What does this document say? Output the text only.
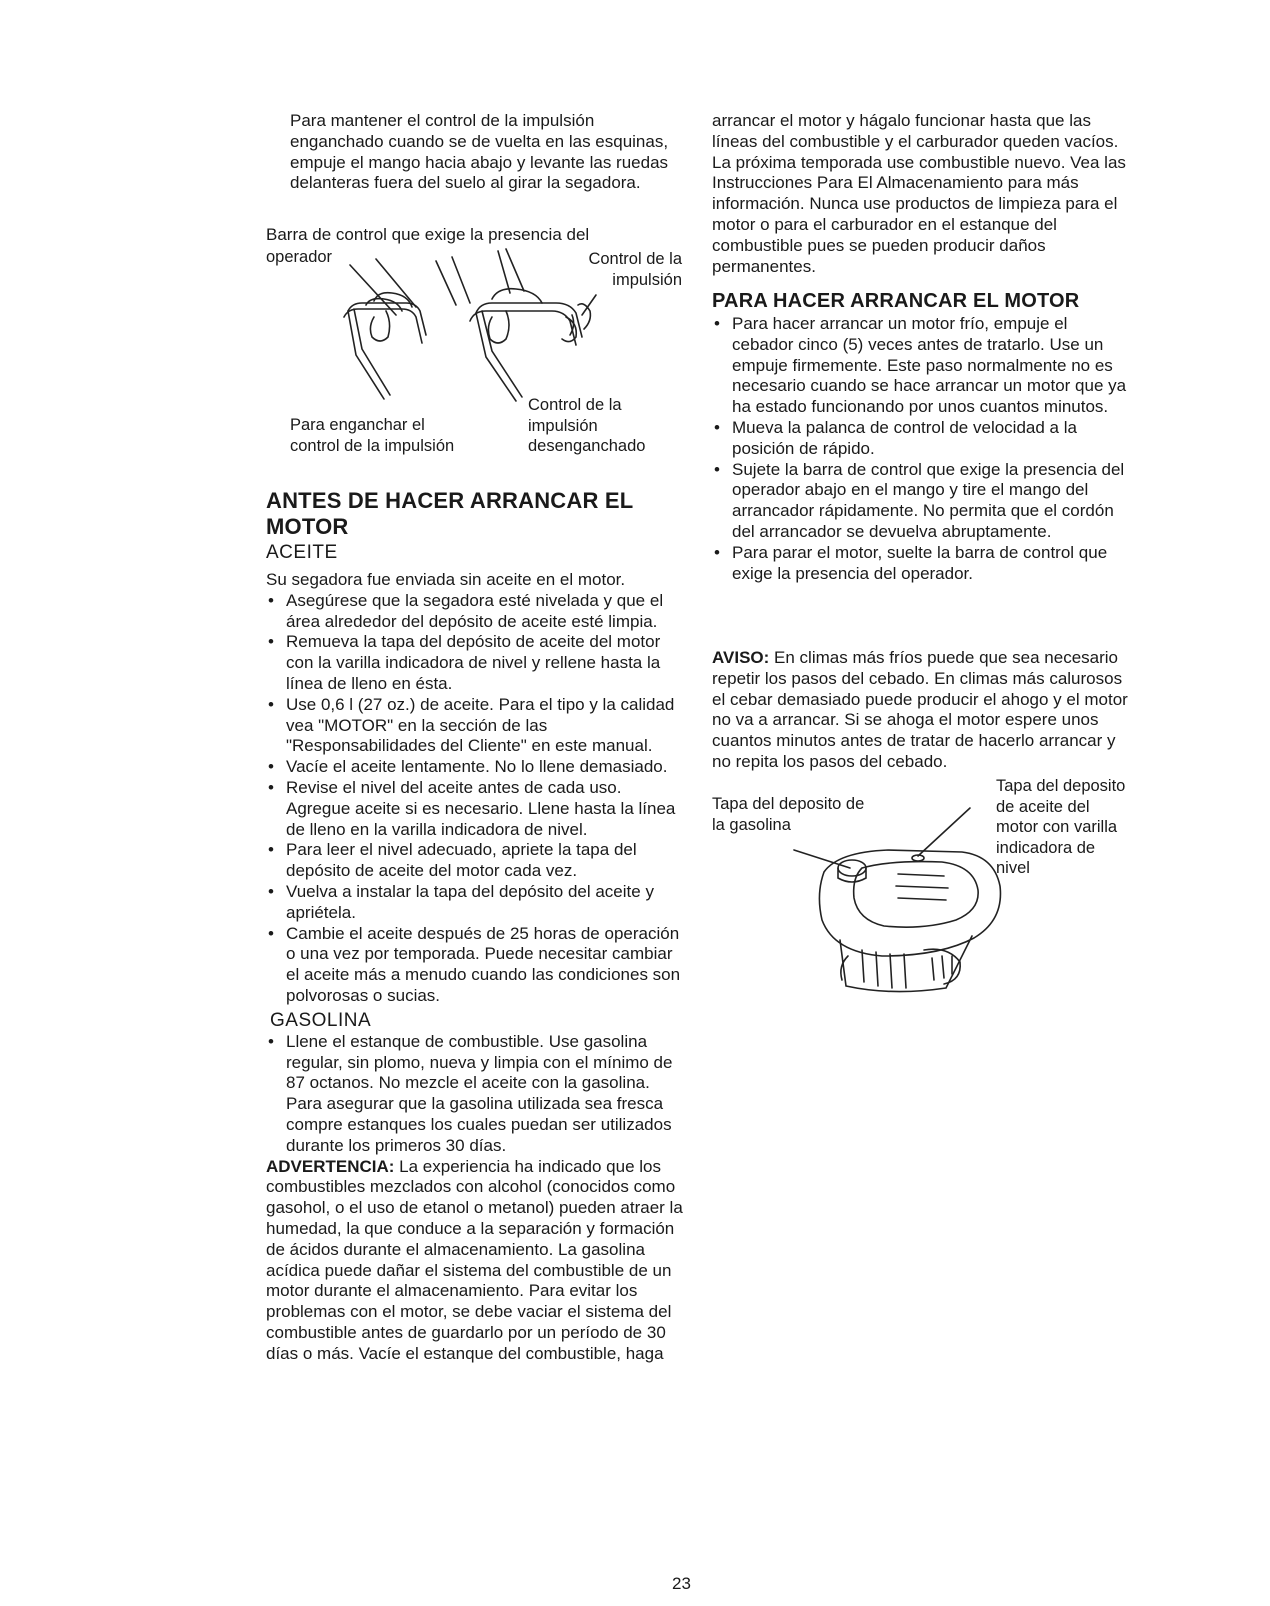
Para mantener el control de la impulsión enganchado cuando se de vuelta en las esquinas, empuje el mango hacia abajo y levante las ruedas delanteras fuera del suelo al girar la segadora.

Barra de control que exige la presencia del

operador	Control de la impulsión
Control de la impulsión desenganchado
Para enganchar el control de la impulsión
ANTES DE HACER ARRANCAR EL MOTOR
ACEITE

Su segadora fue enviada sin aceite en el motor.

• Asegúrese que la segadora esté nivelada y que el área alrededor del depósito de aceite esté limpia.
• Remueva la tapa del depósito de aceite del motor con la varilla indicadora de nivel y rellene hasta la línea de lleno en ésta.
• Use 0,6 l (27 oz.) de aceite. Para el tipo y la calidad vea "MOTOR" en la sección de las "Responsabilidades del Cliente" en este manual.
• Vacíe el aceite lentamente. No lo llene demasiado.
• Revise el nivel del aceite antes de cada uso. Agregue aceite si es necesario. Llene hasta la línea de lleno en la varilla indicadora de nivel.
• Para leer el nivel adecuado, apriete la tapa del depósito de aceite del motor cada vez.
• Vuelva a instalar la tapa del depósito del aceite y apriételа.
• Cambie el aceite después de 25 horas de operación o una vez por temporada. Puede necesitar cambiar el aceite más a menudo cuando las condiciones son polvorosas o sucias.
GASOLINA
• Llene el estanque de combustible. Use gasolina regular, sin plomo, nueva y limpia con el mínimo de 87 octanos. No mezcle el aceite con la gasolina. Para asegurar que la gasolina utilizada sea fresca compre estanques los cuales puedan ser utilizados durante los primeros 30 días.

ADVERTENCIA: La experiencia ha indicado que los combustibles mezclados con alcohol (conocidos como gasohol, o el uso de etanol o metanol) pueden atraer la humedad, la que conduce a la separación y formación de ácidos durante el almacenamiento. La gasolina acídica puede dañar el sistema del combustible de un motor durante el almacenamiento. Para evitar los problemas con el motor, se debe vaciar el sistema del combustible antes de guardarlo por un período de 30 días o más. Vacíe el estanque del combustible, haga

arrancar el motor y hágalo funcionar hasta que las líneas del combustible y el carburador queden vacíos. La próxima temporada use combustible nuevo. Vea las Instrucciones Para El Almacenamiento para más información. Nunca use productos de limpieza para el motor o para el carburador en el estanque del combustible pues se pueden producir daños permanentes.

PARA HACER ARRANCAR EL MOTOR
• Para hacer arrancar un motor frío, empuje el cebador cinco (5) veces antes de tratarlo. Use un empuje firmemente. Este paso normalmente no es necesario cuando se hace arrancar un motor que ya ha estado funcionando por unos cuantos minutos.
• Mueva la palanca de control de velocidad a la posición de rápido.
• Sujete la barra de control que exige la presencia del operador abajo en el mango y tire el mango del arrancador rápidamente. No permita que el cordón del arrancador se devuelva abruptamente.
• Para parar el motor, suelte la barra de control que exige la presencia del operador.

AVISO: En climas más fríos puede que sea necesario repetir los pasos del cebado. En climas más calurosos el cebar demasiado puede producir el ahogo y el motor no va a arrancar. Si se ahoga el motor espere unos cuantos minutos antes de tratar de hacerlo arrancar y no repita los pasos del cebado.

Tapa del deposito de la gasolina
Tapa del deposito de aceite del motor con varilla indicadora de nivel
23
